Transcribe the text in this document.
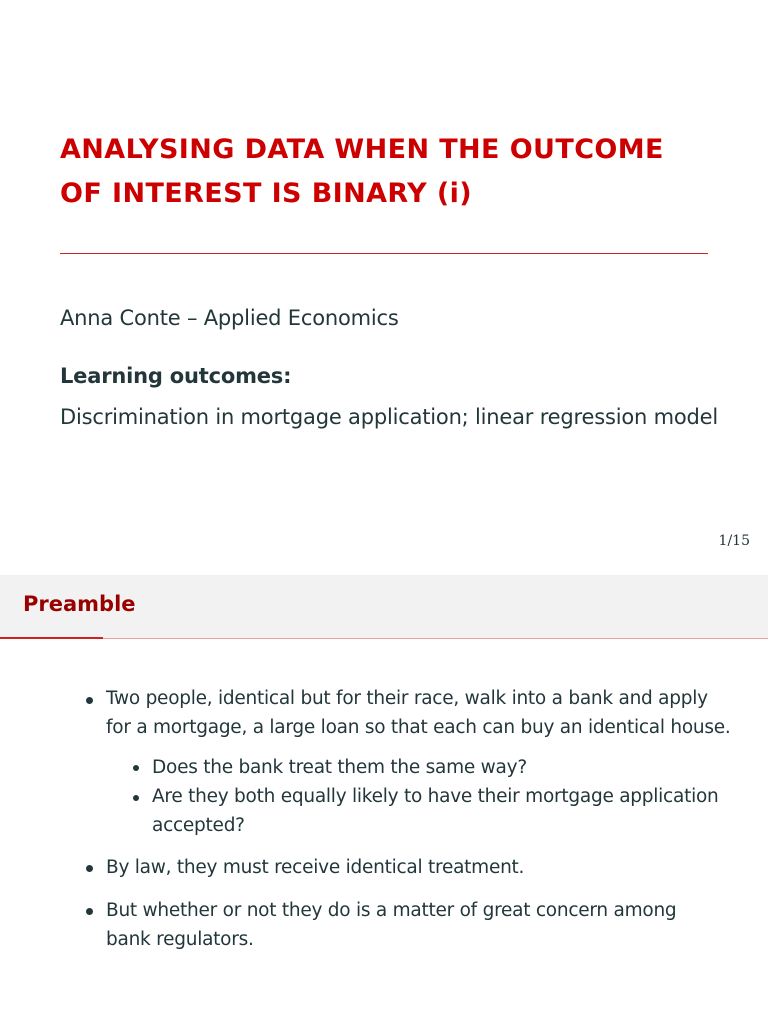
ANALYSING DATA WHEN THE OUTCOME
OF INTEREST IS BINARY (i)

Anna Conte – Applied Economics

Learning outcomes:

Discrimination in mortgage application; linear regression model

1/15

Preamble
Two people, identical but for their race, walk into a bank and apply
for a mortgage, a large loan so that each can buy an identical house.
Does the bank treat them the same way?
Are they both equally likely to have their mortgage application
accepted?
By law, they must receive identical treatment.
But whether or not they do is a matter of great concern among
bank regulators.
